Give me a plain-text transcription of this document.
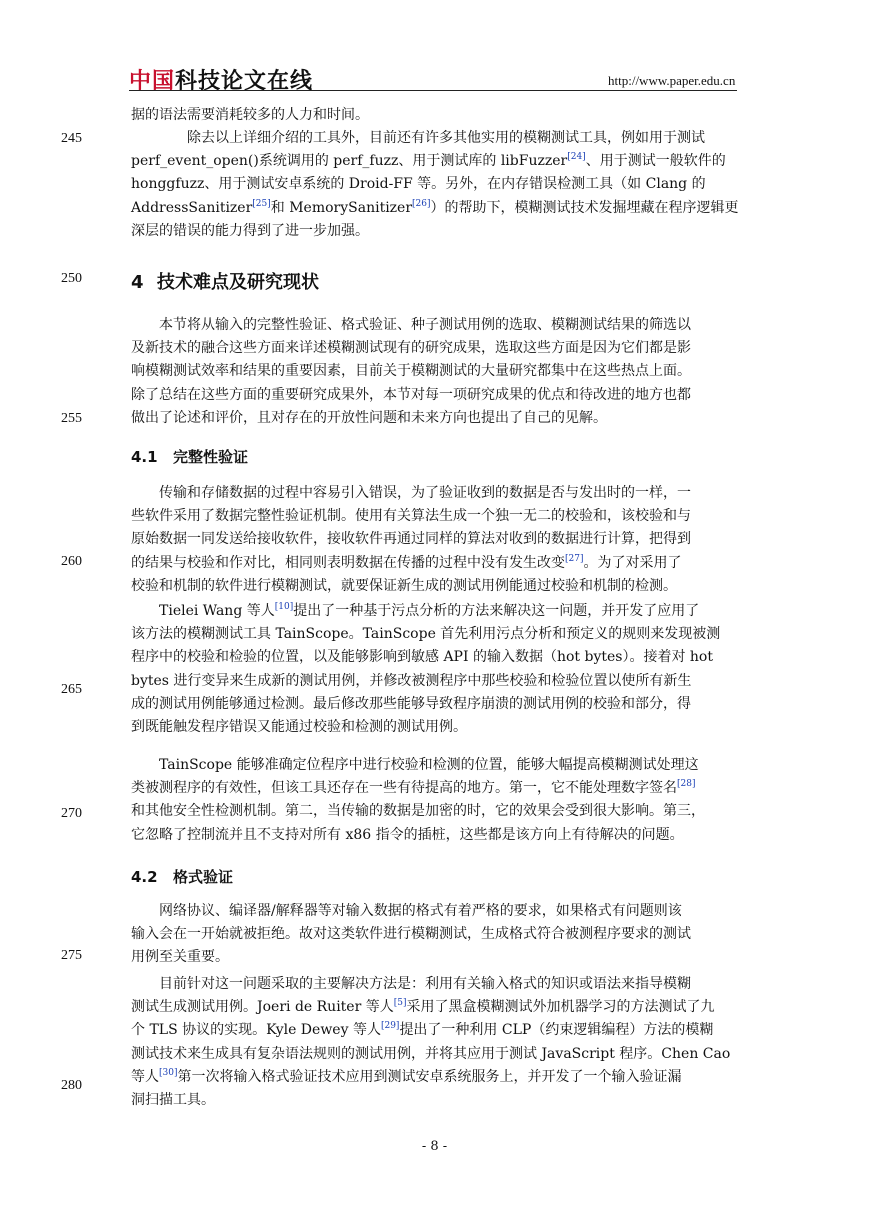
中国科技论文在线	http://www.paper.edu.cn
245
250
255
260
265
270
275
280
据的语法需要消耗较多的人力和时间。
除去以上详细介绍的工具外，目前还有许多其他实用的模糊测试工具，例如用于测试
perf_event_open()系统调用的 perf_fuzz、用于测试库的 libFuzzer[24]、用于测试一般软件的
honggfuzz、用于测试安卓系统的 Droid-FF 等。另外，在内存错误检测工具（如 Clang 的
AddressSanitizer[25]和 MemorySanitizer[26]）的帮助下，模糊测试技术发掘埋藏在程序逻辑更
深层的错误的能力得到了进一步加强。
4 技术难点及研究现状
本节将从输入的完整性验证、格式验证、种子测试用例的选取、模糊测试结果的筛选以
及新技术的融合这些方面来详述模糊测试现有的研究成果，选取这些方面是因为它们都是影
响模糊测试效率和结果的重要因素，目前关于模糊测试的大量研究都集中在这些热点上面。
除了总结在这些方面的重要研究成果外，本节对每一项研究成果的优点和待改进的地方也都
做出了论述和评价，且对存在的开放性问题和未来方向也提出了自己的见解。
4.1 完整性验证
传输和存储数据的过程中容易引入错误，为了验证收到的数据是否与发出时的一样，一
些软件采用了数据完整性验证机制。使用有关算法生成一个独一无二的校验和，该校验和与
原始数据一同发送给接收软件，接收软件再通过同样的算法对收到的数据进行计算，把得到
的结果与校验和作对比，相同则表明数据在传播的过程中没有发生改变[27]。为了对采用了
校验和机制的软件进行模糊测试，就要保证新生成的测试用例能通过校验和机制的检测。
Tielei Wang 等人[10]提出了一种基于污点分析的方法来解决这一问题，并开发了应用了
该方法的模糊测试工具 TainScope。TainScope 首先利用污点分析和预定义的规则来发现被测
程序中的校验和检验的位置，以及能够影响到敏感 API 的输入数据（hot bytes）。接着对 hot
bytes 进行变异来生成新的测试用例，并修改被测程序中那些校验和检验位置以使所有新生
成的测试用例能够通过检测。最后修改那些能够导致程序崩溃的测试用例的校验和部分，得
到既能触发程序错误又能通过校验和检测的测试用例。
TainScope 能够准确定位程序中进行校验和检测的位置，能够大幅提高模糊测试处理这
类被测程序的有效性，但该工具还存在一些有待提高的地方。第一，它不能处理数字签名[28]
和其他安全性检测机制。第二，当传输的数据是加密的时，它的效果会受到很大影响。第三，
它忽略了控制流并且不支持对所有 x86 指令的插桩，这些都是该方向上有待解决的问题。
4.2 格式验证
网络协议、编译器/解释器等对输入数据的格式有着严格的要求，如果格式有问题则该
输入会在一开始就被拒绝。故对这类软件进行模糊测试，生成格式符合被测程序要求的测试
用例至关重要。
目前针对这一问题采取的主要解决方法是：利用有关输入格式的知识或语法来指导模糊
测试生成测试用例。Joeri de Ruiter 等人[5]采用了黑盒模糊测试外加机器学习的方法测试了九
个 TLS 协议的实现。Kyle Dewey 等人[29]提出了一种利用 CLP（约束逻辑编程）方法的模糊
测试技术来生成具有复杂语法规则的测试用例，并将其应用于测试 JavaScript 程序。Chen Cao
等人[30]第一次将输入格式验证技术应用到测试安卓系统服务上，并开发了一个输入验证漏
洞扫描工具。
- 8 -
